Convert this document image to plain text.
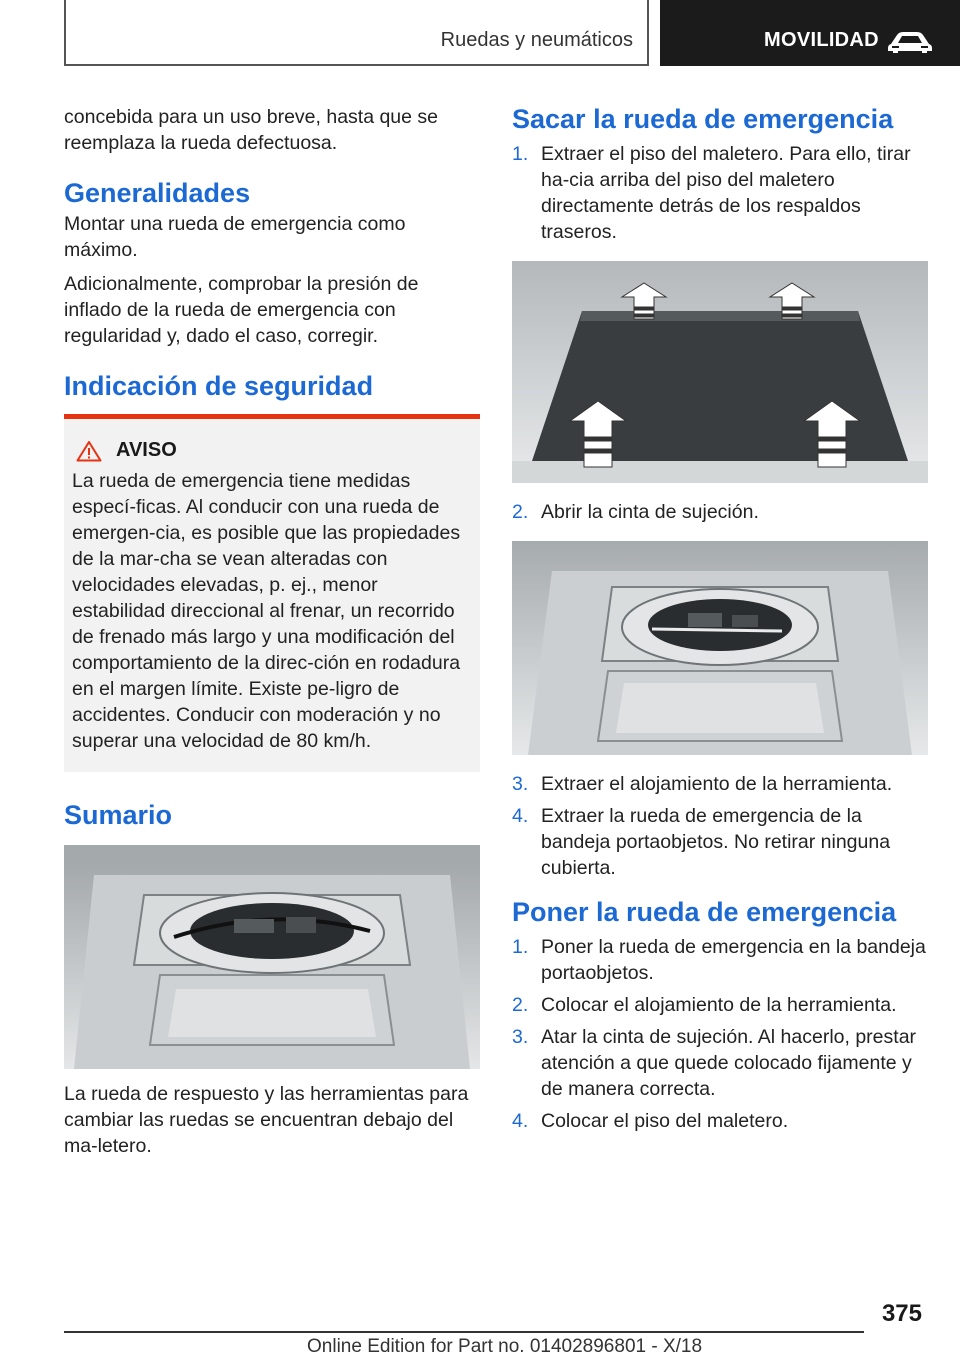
Ruedas y neumáticos	MOVILIDAD

concebida para un uso breve, hasta que se reemplaza la rueda defectuosa.

Generalidades

Montar una rueda de emergencia como máximo.

Adicionalmente, comprobar la presión de inflado de la rueda de emergencia con regularidad y, dado el caso, corregir.

Indicación de seguridad
AVISO
La rueda de emergencia tiene medidas especí-ficas. Al conducir con una rueda de emergen-cia, es posible que las propiedades de la mar-cha se vean alteradas con velocidades elevadas, p. ej., menor estabilidad direccional al frenar, un recorrido de frenado más largo y una modificación del comportamiento de la direc-ción en rodadura en el margen límite. Existe pe-ligro de accidentes. Conducir con moderación y no superar una velocidad de 80 km/h.
Sumario

La rueda de respuesto y las herramientas para cambiar las ruedas se encuentran debajo del ma-letero.

Sacar la rueda de emergencia
1. Extraer el piso del maletero. Para ello, tirar ha-cia arriba del piso del maletero directamente detrás de los respaldos traseros.
2. Abrir la cinta de sujeción.
3. Extraer el alojamiento de la herramienta.
4. Extraer la rueda de emergencia de la bandeja portaobjetos. No retirar ninguna cubierta.
Poner la rueda de emergencia
1. Poner la rueda de emergencia en la bandeja portaobjetos.
2. Colocar el alojamiento de la herramienta.
3. Atar la cinta de sujeción. Al hacerlo, prestar atención a que quede colocado fijamente y de manera correcta.
4. Colocar el piso del maletero.
375
Online Edition for Part no. 01402896801 - X/18
